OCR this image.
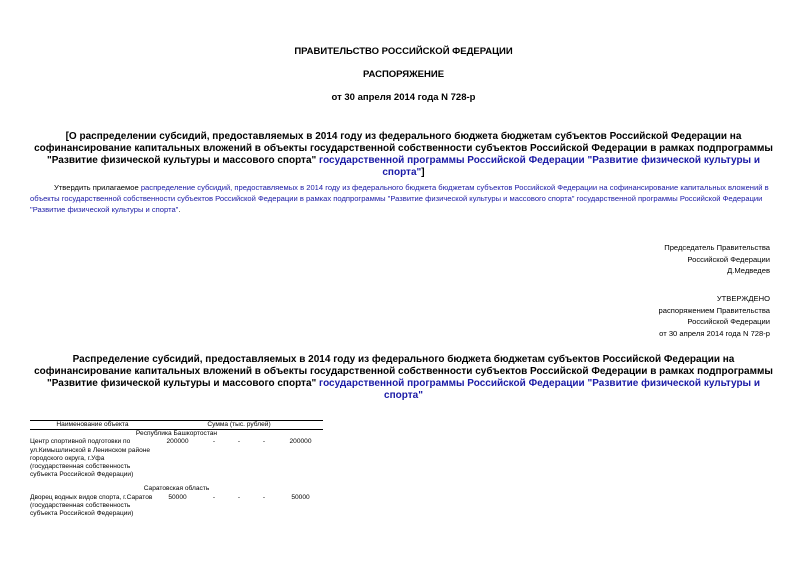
ПРАВИТЕЛЬСТВО РОССИЙСКОЙ ФЕДЕРАЦИИ
РАСПОРЯЖЕНИЕ
от 30 апреля 2014 года N 728-р
[О распределении субсидий, предоставляемых в 2014 году из федерального бюджета бюджетам субъектов Российской Федерации на софинансирование капитальных вложений в объекты государственной собственности субъектов Российской Федерации в рамках подпрограммы "Развитие физической культуры и массового спорта" государственной программы Российской Федерации "Развитие физической культуры и спорта"]
Утвердить прилагаемое распределение субсидий, предоставляемых в 2014 году из федерального бюджета бюджетам субъектов Российской Федерации на софинансирование капитальных вложений в объекты государственной собственности субъектов Российской Федерации в рамках подпрограммы "Развитие физической культуры и массового спорта" государственной программы Российской Федерации "Развитие физической культуры и спорта".
Председатель Правительства
Российской Федерации
Д.Медведев
УТВЕРЖДЕНО
распоряжением Правительства
Российской Федерации
от 30 апреля 2014 года N 728-р
Распределение субсидий, предоставляемых в 2014 году из федерального бюджета бюджетам субъектов Российской Федерации на софинансирование капитальных вложений в объекты государственной собственности субъектов Российской Федерации в рамках подпрограммы "Развитие физической культуры и массового спорта" государственной программы Российской Федерации "Развитие физической культуры и спорта"
Наименование объекта	Сумма (тыс. рублей)				
Республика Башкортостан					
Центр спортивной подготовки по ул.Кимышлинской в Ленинском районе городского округа, г.Уфа (государственная собственность субъекта Российской Федерации)	200000	-	-	-	200000
Саратовская область					
Дворец водных видов спорта, г.Саратов (государственная собственность субъекта Российской Федерации)	50000	-	-	-	50000
